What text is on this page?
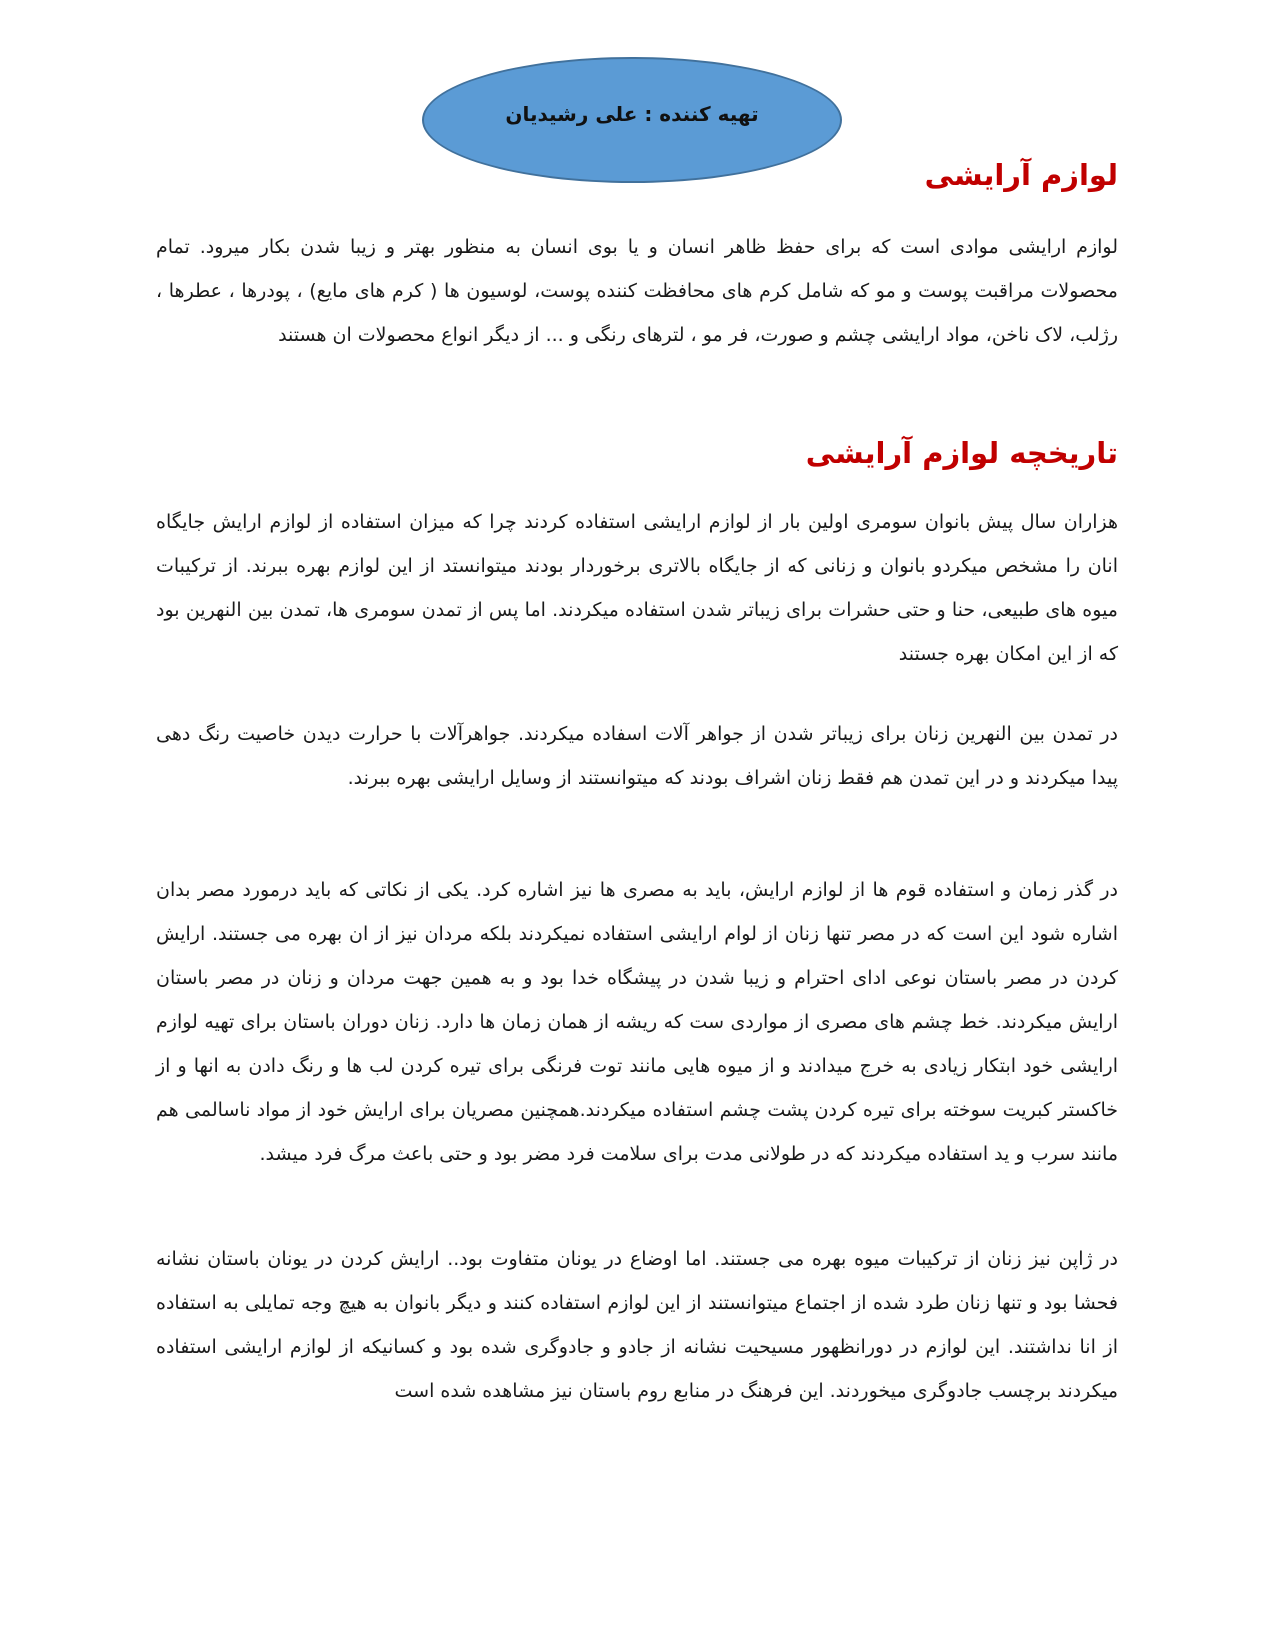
تهیه کننده : علی رشیدیان
لوازم آرایشی

لوازم ارایشی موادی است که برای حفظ ظاهر انسان و یا بوی انسان به منظور بهتر و زیبا شدن بکار میرود. تمام محصولات مراقبت پوست و مو که شامل کرم های محافظت کننده پوست، لوسیون ها ( کرم های مایع) ، پودرها ، عطرها ، رژلب، لاک ناخن، مواد ارایشی چشم و صورت، فر مو ، لترهای رنگی و ... از دیگر انواع محصولات ان هستند

تاریخچه لوازم آرایشی

هزاران سال پیش بانوان سومری اولین بار از لوازم ارایشی استفاده کردند چرا که میزان استفاده از لوازم ارایش جایگاه انان را مشخص میکردو بانوان و زنانی که از جایگاه بالاتری برخوردار بودند میتوانستد از این لوازم بهره ببرند. از ترکیبات میوه های طبیعی، حنا و حتی حشرات برای زیباتر شدن استفاده میکردند. اما پس از تمدن سومری ها، تمدن بین النهرین بود که از این امکان بهره جستند

در تمدن بین النهرین زنان برای زیباتر شدن از جواهر آلات اسفاده میکردند. جواهرآلات با حرارت دیدن خاصیت رنگ دهی پیدا میکردند و در این تمدن هم فقط زنان اشراف بودند که میتوانستند از وسایل ارایشی بهره ببرند.

در گذر زمان و استفاده قوم ها از لوازم ارایش، باید به مصری ها نیز اشاره کرد. یکی از نکاتی که باید درمورد مصر بدان اشاره شود این است که در مصر تنها زنان از لوام ارایشی استفاده نمیکردند بلکه مردان نیز از ان بهره می جستند. ارایش کردن در مصر باستان نوعی ادای احترام و زیبا شدن در پیشگاه خدا بود و به همین جهت مردان و زنان در مصر باستان ارایش میکردند. خط چشم های مصری از مواردی ست که ریشه از همان زمان ها دارد. زنان دوران باستان برای تهیه لوازم ارایشی خود ابتکار زیادی به خرج میدادند و از میوه هایی مانند توت فرنگی برای تیره کردن لب ها و رنگ دادن به انها و از خاکستر کبریت سوخته برای تیره کردن پشت چشم استفاده میکردند.همچنین مصریان برای ارایش خود از مواد ناسالمی هم مانند سرب و ید استفاده میکردند که در طولانی مدت برای سلامت فرد مضر بود و حتی باعث مرگ فرد میشد.

در ژاپن نیز زنان از ترکیبات میوه بهره می جستند. اما اوضاع در یونان متفاوت بود.. ارایش کردن در یونان باستان نشانه فحشا بود و تنها زنان طرد شده از اجتماع میتوانستند از این لوازم استفاده کنند و دیگر بانوان به هیچ وجه تمایلی به استفاده از انا نداشتند. این لوازم در دورانظهور مسیحیت نشانه از جادو و جادوگری شده بود و کسانیکه از لوازم ارایشی استفاده میکردند برچسب جادوگری میخوردند. این فرهنگ در منابع روم باستان نیز مشاهده شده است
